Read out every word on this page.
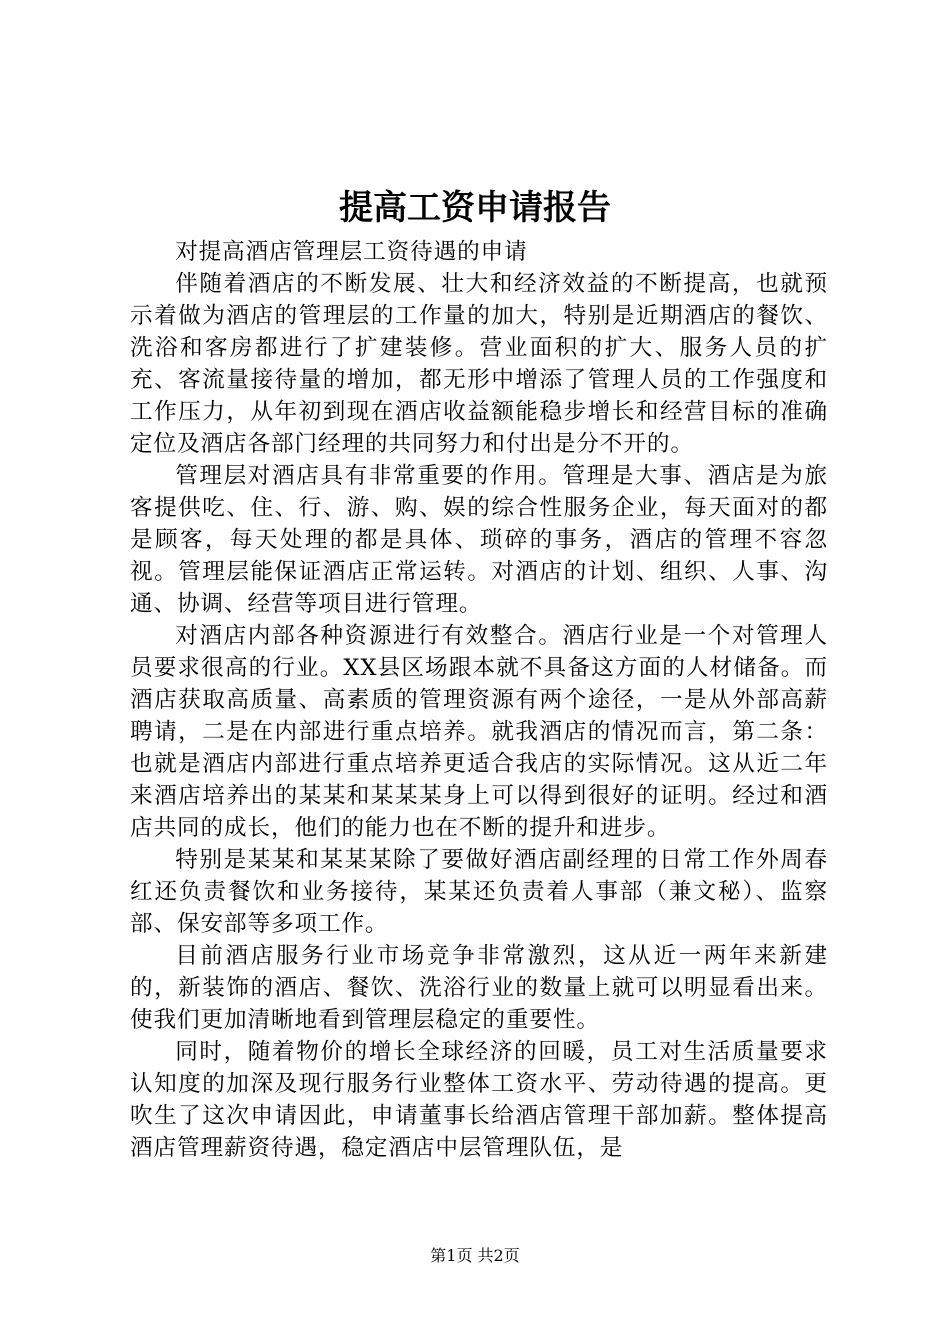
提高工资申请报告

对提高酒店管理层工资待遇的申请

伴随着酒店的不断发展、壮大和经济效益的不断提高，也就预示着做为酒店的管理层的工作量的加大，特别是近期酒店的餐饮、洗浴和客房都进行了扩建装修。营业面积的扩大、服务人员的扩充、客流量接待量的增加，都无形中增添了管理人员的工作强度和工作压力，从年初到现在酒店收益额能稳步增长和经营目标的准确定位及酒店各部门经理的共同努力和付出是分不开的。

管理层对酒店具有非常重要的作用。管理是大事、酒店是为旅客提供吃、住、行、游、购、娱的综合性服务企业，每天面对的都是顾客，每天处理的都是具体、琐碎的事务，酒店的管理不容忽视。管理层能保证酒店正常运转。对酒店的计划、组织、人事、沟通、协调、经营等项目进行管理。

对酒店内部各种资源进行有效整合。酒店行业是一个对管理人员要求很高的行业。XX县区场跟本就不具备这方面的人材储备。而酒店获取高质量、高素质的管理资源有两个途径，一是从外部高薪聘请，二是在内部进行重点培养。就我酒店的情况而言，第二条：也就是酒店内部进行重点培养更适合我店的实际情况。这从近二年来酒店培养出的某某和某某某身上可以得到很好的证明。经过和酒店共同的成长，他们的能力也在不断的提升和进步。

特别是某某和某某某除了要做好酒店副经理的日常工作外周春红还负责餐饮和业务接待，某某还负责着人事部（兼文秘）、监察部、保安部等多项工作。

目前酒店服务行业市场竞争非常激烈，这从近一两年来新建的，新装饰的酒店、餐饮、洗浴行业的数量上就可以明显看出来。使我们更加清晰地看到管理层稳定的重要性。

同时，随着物价的增长全球经济的回暖，员工对生活质量要求认知度的加深及现行服务行业整体工资水平、劳动待遇的提高。更吹生了这次申请因此，申请董事长给酒店管理干部加薪。整体提高酒店管理薪资待遇，稳定酒店中层管理队伍，是

第1页 共2页
